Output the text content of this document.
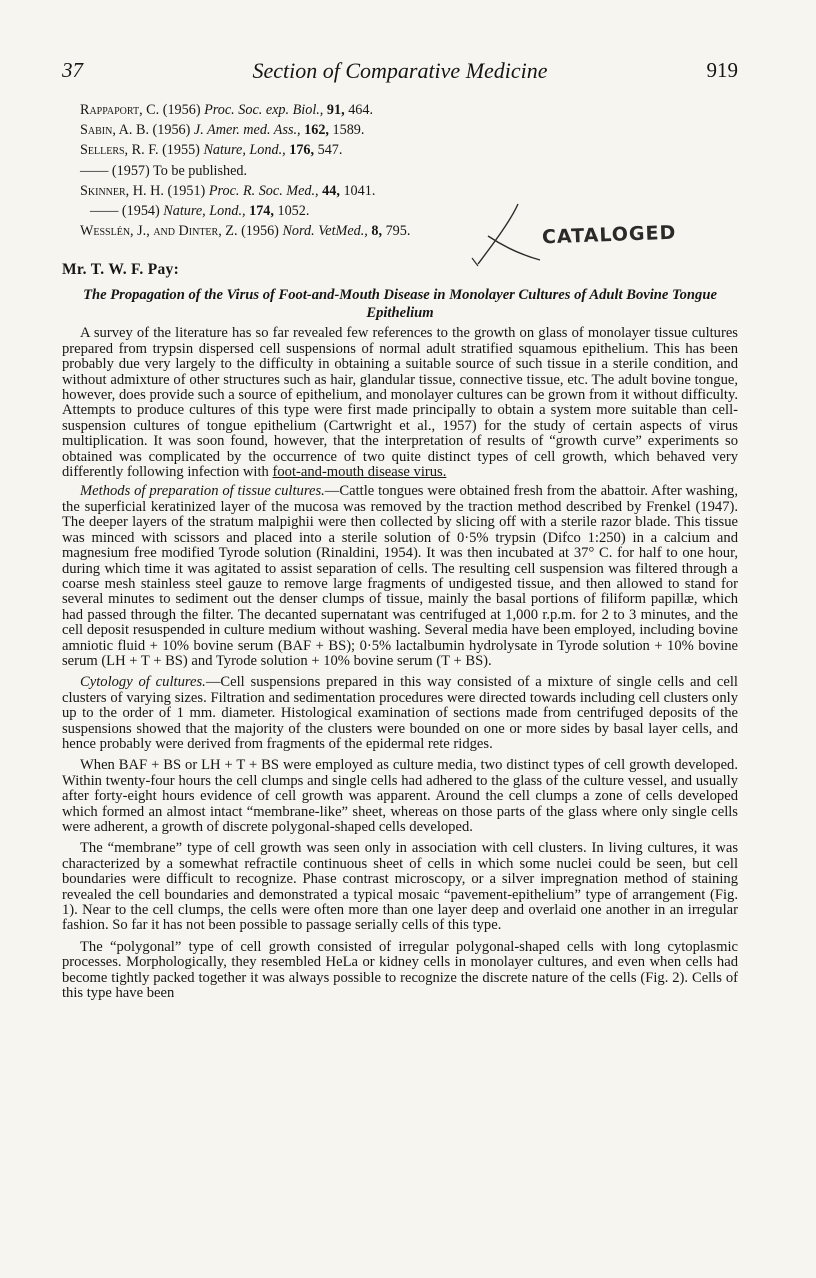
37	Section of Comparative Medicine	919
Rappaport, C. (1956) Proc. Soc. exp. Biol., 91, 464.
Sabin, A. B. (1956) J. Amer. med. Ass., 162, 1589.
Sellers, R. F. (1955) Nature, Lond., 176, 547.
—— (1957) To be published.
Skinner, H. H. (1951) Proc. R. Soc. Med., 44, 1041.
—— (1954) Nature, Lond., 174, 1052.
Wesslén, J., and Dinter, Z. (1956) Nord. VetMed., 8, 795.
Mr. T. W. F. Pay:
The Propagation of the Virus of Foot-and-Mouth Disease in Monolayer Cultures of Adult Bovine Tongue Epithelium

A survey of the literature has so far revealed few references to the growth on glass of monolayer tissue cultures prepared from trypsin dispersed cell suspensions of normal adult stratified squamous epithelium. This has been probably due very largely to the difficulty in obtaining a suitable source of such tissue in a sterile condition, and without admixture of other structures such as hair, glandular tissue, connective tissue, etc. The adult bovine tongue, however, does provide such a source of epithelium, and monolayer cultures can be grown from it without difficulty. Attempts to produce cultures of this type were first made principally to obtain a system more suitable than cell-suspension cultures of tongue epithelium (Cartwright et al., 1957) for the study of certain aspects of virus multiplication. It was soon found, however, that the interpretation of results of “growth curve” experiments so obtained was complicated by the occurrence of two quite distinct types of cell growth, which behaved very differently following infection with foot-and-mouth disease virus.

Methods of preparation of tissue cultures.—Cattle tongues were obtained fresh from the abattoir. After washing, the superficial keratinized layer of the mucosa was removed by the traction method described by Frenkel (1947). The deeper layers of the stratum malpighii were then collected by slicing off with a sterile razor blade. This tissue was minced with scissors and placed into a sterile solution of 0·5% trypsin (Difco 1:250) in a calcium and magnesium free modified Tyrode solution (Rinaldini, 1954). It was then incubated at 37° C. for half to one hour, during which time it was agitated to assist separation of cells. The resulting cell suspension was filtered through a coarse mesh stainless steel gauze to remove large fragments of undigested tissue, and then allowed to stand for several minutes to sediment out the denser clumps of tissue, mainly the basal portions of filiform papillæ, which had passed through the filter. The decanted supernatant was centrifuged at 1,000 r.p.m. for 2 to 3 minutes, and the cell deposit resuspended in culture medium without washing. Several media have been employed, including bovine amniotic fluid + 10% bovine serum (BAF + BS); 0·5% lactalbumin hydrolysate in Tyrode solution + 10% bovine serum (LH + T + BS) and Tyrode solution + 10% bovine serum (T + BS).

Cytology of cultures.—Cell suspensions prepared in this way consisted of a mixture of single cells and cell clusters of varying sizes. Filtration and sedimentation procedures were directed towards including cell clusters only up to the order of 1 mm. diameter. Histological examination of sections made from centrifuged deposits of the suspensions showed that the majority of the clusters were bounded on one or more sides by basal layer cells, and hence probably were derived from fragments of the epidermal rete ridges.

When BAF + BS or LH + T + BS were employed as culture media, two distinct types of cell growth developed. Within twenty-four hours the cell clumps and single cells had adhered to the glass of the culture vessel, and usually after forty-eight hours evidence of cell growth was apparent. Around the cell clumps a zone of cells developed which formed an almost intact “membrane-like” sheet, whereas on those parts of the glass where only single cells were adherent, a growth of discrete polygonal-shaped cells developed.

The “membrane” type of cell growth was seen only in association with cell clusters. In living cultures, it was characterized by a somewhat refractile continuous sheet of cells in which some nuclei could be seen, but cell boundaries were difficult to recognize. Phase contrast microscopy, or a silver impregnation method of staining revealed the cell boundaries and demonstrated a typical mosaic “pavement-epithelium” type of arrangement (Fig. 1). Near to the cell clumps, the cells were often more than one layer deep and overlaid one another in an irregular fashion. So far it has not been possible to passage serially cells of this type.

The “polygonal” type of cell growth consisted of irregular polygonal-shaped cells with long cytoplasmic processes. Morphologically, they resembled HeLa or kidney cells in monolayer cultures, and even when cells had become tightly packed together it was always possible to recognize the discrete nature of the cells (Fig. 2). Cells of this type have been

CATALOGED
